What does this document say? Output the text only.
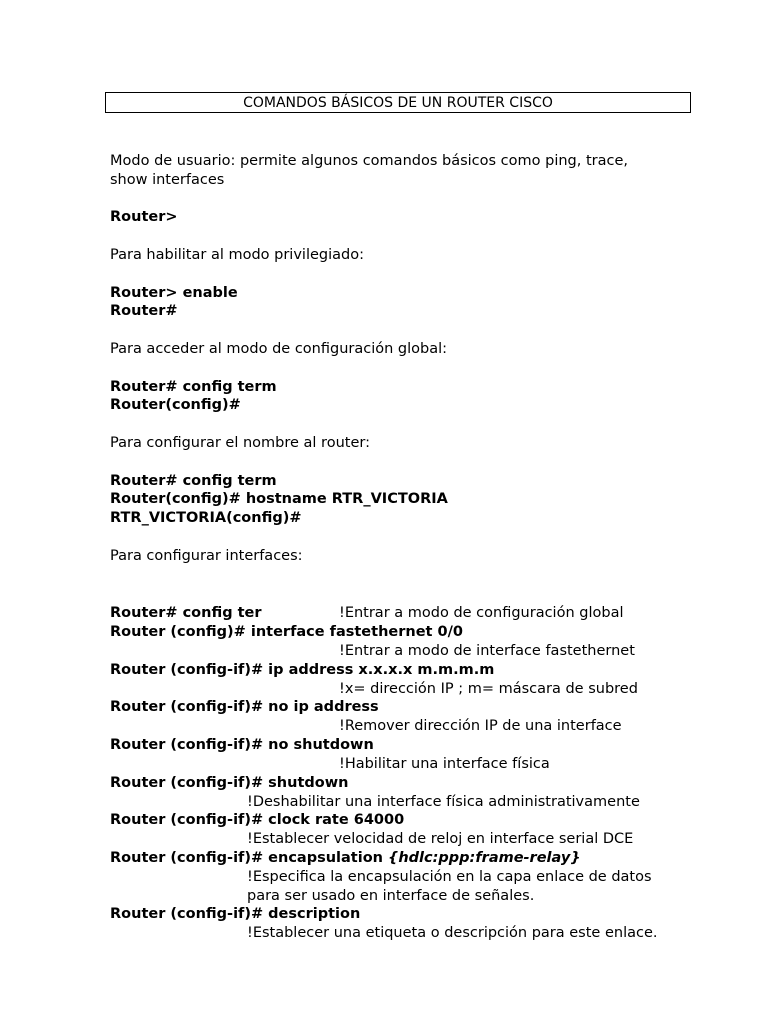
COMANDOS BÁSICOS DE UN ROUTER CISCO
Modo de usuario: permite algunos comandos básicos como ping, trace,
show interfaces
Router>
Para habilitar al modo privilegiado:
Router> enable
Router#
Para acceder al modo de configuración global:
Router# config term
Router(config)#
Para configurar el nombre al router:
Router# config term
Router(config)# hostname RTR_VICTORIA
RTR_VICTORIA(config)#
Para configurar interfaces:
Router# config ter	!Entrar a modo de configuración global
Router (config)# interface fastethernet 0/0
!Entrar a modo de interface fastethernet
Router (config-if)# ip address x.x.x.x m.m.m.m
!x= dirección IP ; m= máscara de subred
Router (config-if)# no ip address
!Remover dirección IP de una interface
Router (config-if)# no shutdown
!Habilitar una interface física
Router (config-if)# shutdown
!Deshabilitar una interface física administrativamente
Router (config-if)# clock rate 64000
!Establecer velocidad de reloj en interface serial DCE
Router (config-if)# encapsulation {hdlc:ppp:frame-relay}
!Especifica la encapsulación en la capa enlace de datos
para ser usado en interface de señales.
Router (config-if)# description
!Establecer una etiqueta o descripción para este enlace.
